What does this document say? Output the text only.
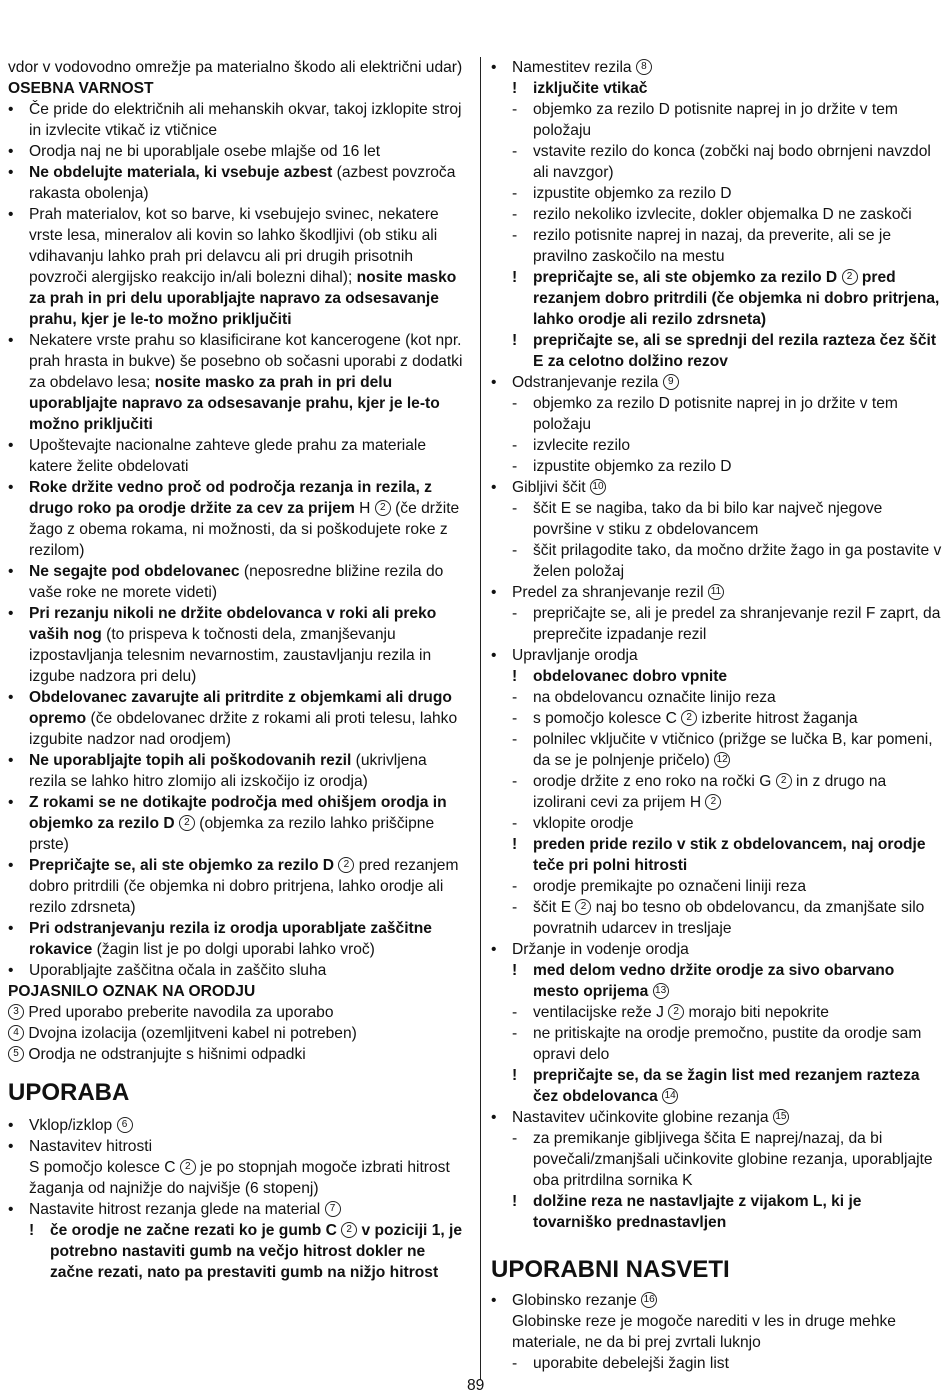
vdor v vodovodno omrežje pa materialno škodo ali električni udar)
OSEBNA VARNOST
• Če pride do električnih ali mehanskih okvar, takoj izklopite stroj in izvlecite vtikač iz vtičnice
• Orodja naj ne bi uporabljale osebe mlajše od 16 let
• Ne obdelujte materiala, ki vsebuje azbest (azbest povzroča rakasta obolenja)
• Prah materialov, kot so barve, ki vsebujejo svinec, nekatere vrste lesa, mineralov ali kovin so lahko škodljivi (ob stiku ali vdihavanju lahko prah pri delavcu ali pri drugih prisotnih povzroči alergijsko reakcijo in/ali bolezni dihal); nosite masko za prah in pri delu uporabljajte napravo za odsesavanje prahu, kjer je le-to možno priključiti
• Nekatere vrste prahu so klasificirane kot kancerogene (kot npr. prah hrasta in bukve) še posebno ob sočasni uporabi z dodatki za obdelavo lesa; nosite masko za prah in pri delu uporabljajte napravo za odsesavanje prahu, kjer je le-to možno priključiti
• Upoštevajte nacionalne zahteve glede prahu za materiale katere želite obdelovati
• Roke držite vedno proč od področja rezanja in rezila, z drugo roko pa orodje držite za cev za prijem H 2 (če držite žago z obema rokama, ni možnosti, da si poškodujete roke z rezilom)
• Ne segajte pod obdelovanec (neposredne bližine rezila do vaše roke ne morete videti)
• Pri rezanju nikoli ne držite obdelovanca v roki ali preko vaših nog (to prispeva k točnosti dela, zmanjševanju izpostavljanja telesnim nevarnostim, zaustavljanju rezila in izgube nadzora pri delu)
• Obdelovanec zavarujte ali pritrdite z objemkami ali drugo opremo (če obdelovanec držite z rokami ali proti telesu, lahko izgubite nadzor nad orodjem)
• Ne uporabljajte topih ali poškodovanih rezil (ukrivljena rezila se lahko hitro zlomijo ali izskočijo iz orodja)
• Z rokami se ne dotikajte področja med ohišjem orodja in objemko za rezilo D 2 (objemka za rezilo lahko priščipne prste)
• Prepričajte se, ali ste objemko za rezilo D 2 pred rezanjem dobro pritrdili (če objemka ni dobro pritrjena, lahko orodje ali rezilo zdrsneta)
• Pri odstranjevanju rezila iz orodja uporabljate zaščitne rokavice (žagin list je po dolgi uporabi lahko vroč)
• Uporabljajte zaščitna očala in zaščito sluha
POJASNILO OZNAK NA ORODJU
3 Pred uporabo preberite navodila za uporabo
4 Dvojna izolacija (ozemljitveni kabel ni potreben)
5 Orodja ne odstranjujte s hišnimi odpadki
UPORABA
• Vklop/izklop 6
• Nastavitev hitrosti
S pomočjo kolesce C 2 je po stopnjah mogoče izbrati hitrost žaganja od najnižje do najvišje (6 stopenj)
• Nastavite hitrost rezanja glede na material 7
! če orodje ne začne rezati ko je gumb C 2 v poziciji 1, je potrebno nastaviti gumb na večjo hitrost dokler ne začne rezati, nato pa prestaviti gumb na nižjo hitrost
• Namestitev rezila 8
! izključite vtikač
- objemko za rezilo D potisnite naprej in jo držite v tem položaju
- vstavite rezilo do konca (zobčki naj bodo obrnjeni navzdol ali navzgor)
- izpustite objemko za rezilo D
- rezilo nekoliko izvlecite, dokler objemalka D ne zaskoči
- rezilo potisnite naprej in nazaj, da preverite, ali se je pravilno zaskočilo na mestu
! prepričajte se, ali ste objemko za rezilo D 2 pred rezanjem dobro pritrdili (če objemka ni dobro pritrjena, lahko orodje ali rezilo zdrsneta)
! prepričajte se, ali se sprednji del rezila razteza čez ščit E za celotno dolžino rezov
• Odstranjevanje rezila 9
- objemko za rezilo D potisnite naprej in jo držite v tem položaju
- izvlecite rezilo
- izpustite objemko za rezilo D
• Gibljivi ščit 10
- ščit E se nagiba, tako da bi bilo kar največ njegove površine v stiku z obdelovancem
- ščit prilagodite tako, da močno držite žago in ga postavite v želen položaj
• Predel za shranjevanje rezil 11
- prepričajte se, ali je predel za shranjevanje rezil F zaprt, da preprečite izpadanje rezil
• Upravljanje orodja
! obdelovanec dobro vpnite
- na obdelovancu označite linijo reza
- s pomočjo kolesce C 2 izberite hitrost žaganja
- polnilec vključite v vtičnico (prižge se lučka B, kar pomeni, da se je polnjenje pričelo) 12
- orodje držite z eno roko na ročki G 2 in z drugo na izolirani cevi za prijem H 2
- vklopite orodje
! preden pride rezilo v stik z obdelovancem, naj orodje teče pri polni hitrosti
- orodje premikajte po označeni liniji reza
- ščit E 2 naj bo tesno ob obdelovancu, da zmanjšate silo povratnih udarcev in tresljaje
• Držanje in vodenje orodja
! med delom vedno držite orodje za sivo obarvano mesto oprijema 13
- ventilacijske reže J 2 morajo biti nepokrite
- ne pritiskajte na orodje premočno, pustite da orodje sam opravi delo
! prepričajte se, da se žagin list med rezanjem razteza čez obdelovanca 14
• Nastavitev učinkovite globine rezanja 15
- za premikanje gibljivega ščita E naprej/nazaj, da bi povečali/zmanjšali učinkovite globine rezanja, uporabljajte oba pritrdilna sornika K
! dolžine reza ne nastavljajte z vijakom L, ki je tovarniško prednastavljen
UPORABNI NASVETI
• Globinsko rezanje 16
Globinske reze je mogoče narediti v les in druge mehke materiale, ne da bi prej zvrtali luknjo
- uporabite debelejši žagin list
89
